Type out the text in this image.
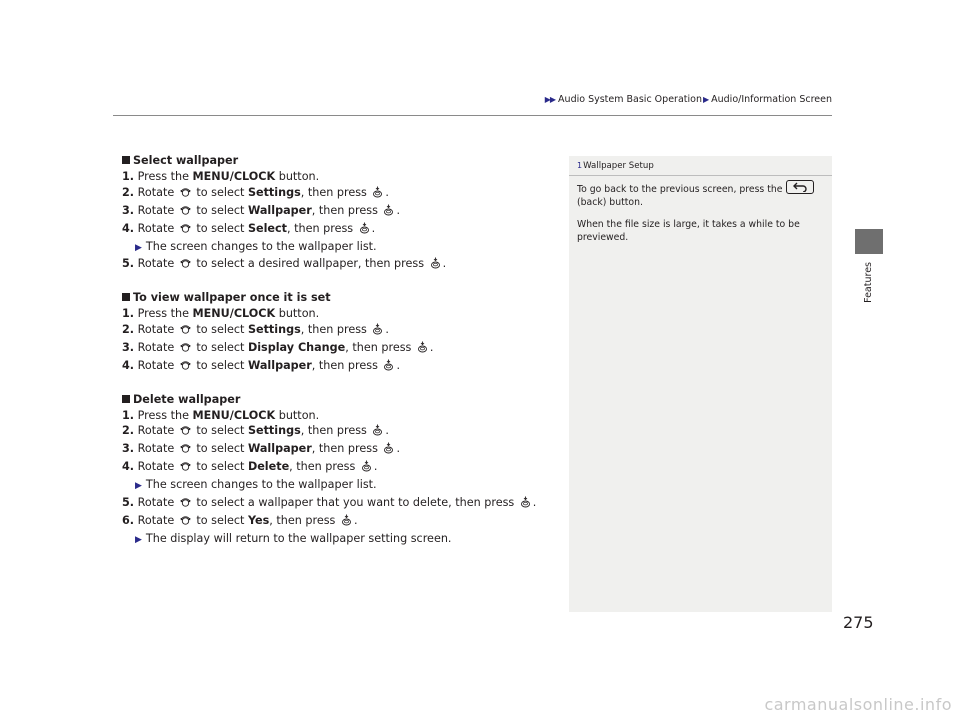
▶▶ Audio System Basic Operation▶ Audio/Information Screen
Features
Select wallpaper
1. Press the MENU/CLOCK button.
2. Rotate  to select Settings, then press .
3. Rotate  to select Wallpaper, then press .
4. Rotate  to select Select, then press .
▶ The screen changes to the wallpaper list.
5. Rotate  to select a desired wallpaper, then press .
To view wallpaper once it is set
1. Press the MENU/CLOCK button.
2. Rotate  to select Settings, then press .
3. Rotate  to select Display Change, then press .
4. Rotate  to select Wallpaper, then press .
Delete wallpaper
1. Press the MENU/CLOCK button.
2. Rotate  to select Settings, then press .
3. Rotate  to select Wallpaper, then press .
4. Rotate  to select Delete, then press .
▶ The screen changes to the wallpaper list.
5. Rotate  to select a wallpaper that you want to delete, then press .
6. Rotate  to select Yes, then press .
▶ The display will return to the wallpaper setting screen.
1Wallpaper Setup

To go back to the previous screen, press the

(back) button.

When the file size is large, it takes a while to be previewed.

275
carmanualsonline.info
